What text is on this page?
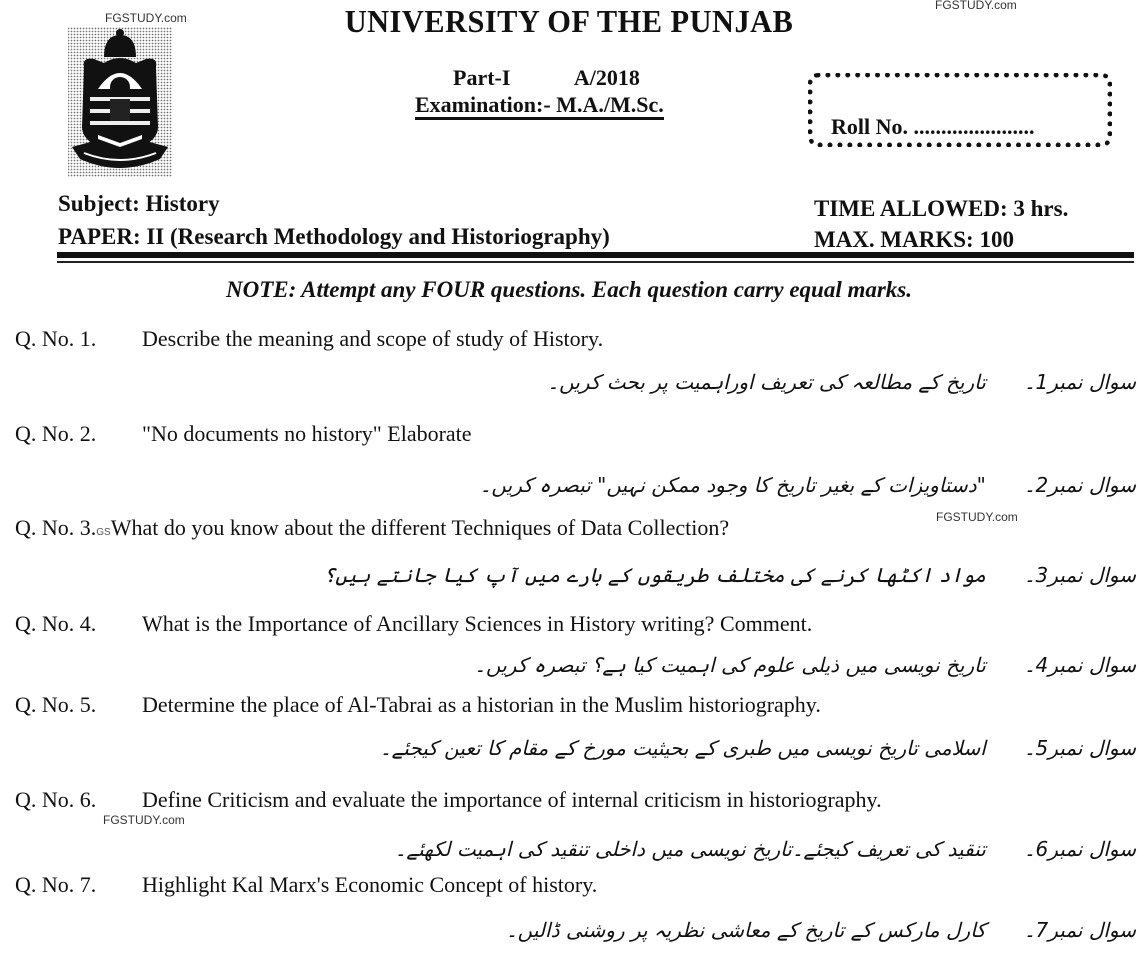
FGSTUDY.com
FGSTUDY.com
FGSTUDY.com
FGSTUDY.com
UNIVERSITY OF THE PUNJAB
Part-I	A/2018
Examination:- M.A./M.Sc.
Roll No. ......................
Subject: History
PAPER: II (Research Methodology and Historiography)
TIME ALLOWED: 3 hrs.
MAX. MARKS: 100
NOTE: Attempt any FOUR questions. Each question carry equal marks.
Q. No. 1. Describe the meaning and scope of study of History.
سوال نمبر1۔تاریخ کے مطالعہ کی تعریف اوراہمیت پر بحث کریں۔
Q. No. 2. "No documents no history" Elaborate
سوال نمبر2۔"دستاویزات کے بغیر تاریخ کا وجود ممکن نہیں" تبصرہ کریں۔
Q. No. 3.GSWhat do you know about the different Techniques of Data Collection?
سوال نمبر3۔مواد اکٹھا کرنے کی مختلف طریقوں کے بارے میں آپ کیا جانتے ہیں؟
Q. No. 4. What is the Importance of Ancillary Sciences in History writing? Comment.
سوال نمبر4۔تاریخ نویسی میں ذیلی علوم کی اہمیت کیا ہے؟ تبصرہ کریں۔
Q. No. 5. Determine the place of Al-Tabrai as a historian in the Muslim historiography.
سوال نمبر5۔اسلامی تاریخ نویسی میں طبری کے بحیثیت مورخ کے مقام کا تعین کیجئے۔
Q. No. 6. Define Criticism and evaluate the importance of internal criticism in historiography.
سوال نمبر6۔تنقید کی تعریف کیجئے۔تاریخ نویسی میں داخلی تنقید کی اہمیت لکھئے۔
Q. No. 7. Highlight Kal Marx's Economic Concept of history.
سوال نمبر7۔کارل مارکس کے تاریخ کے معاشی نظریہ پر روشنی ڈالیں۔
